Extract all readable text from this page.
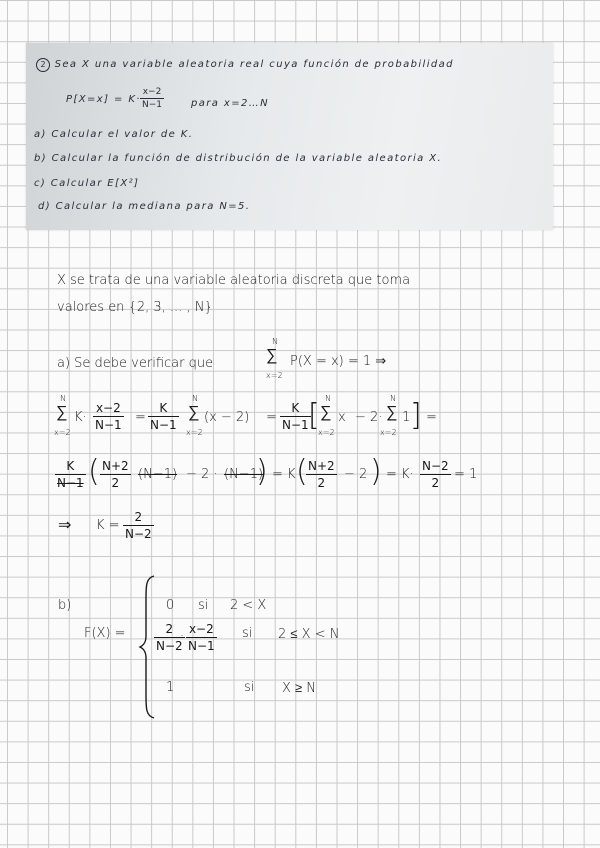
2 Sea X una variable aleatoria real cuya función de probabilidad
P[X=x] = K·
x−2
N−1	para x=2…N
a) Calcular el valor de K.
b) Calcular la función de distribución de la variable aleatoria X.
c) Calcular E[X²]
d) Calcular la mediana para N=5.
X se trata de una variable aleatoria discreta que toma
valores en {2, 3, ... , N}
a) Se debe verificar que
N
∑
x=2
P(X = x) = 1 ⇒
N
∑
x=2
K·
x−2
N−1 =
K
N−1
N
∑
x=2
(x − 2) =
K
N−1 [ N
∑
x=2
x − 2·
N
∑
x=2
1 ] =
K
N−1 ( N+2
2
(N−1) − 2 · (N−1)
) = K ( N+2
2
− 2 ) = K·
N−2
2
= 1
⇒ K =
2
N−2
b)
F(X) =
0 si 2 < X
2
N−2
· x−2
N−1
si 2 ≤ X < N
1	si X ≥ N
